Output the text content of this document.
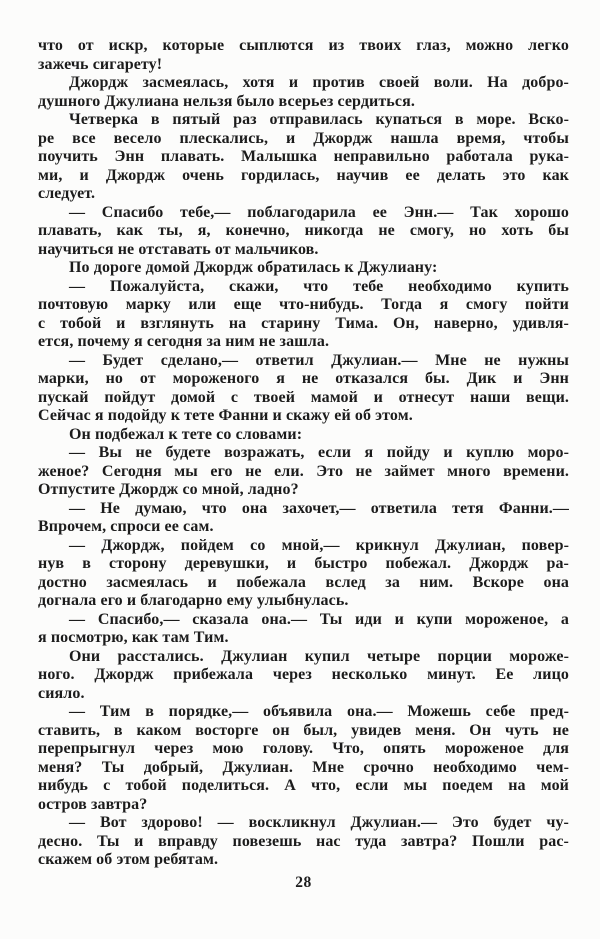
что от искр, которые сыплются из твоих глаз, можно легко
зажечь сигарету!
Джордж засмеялась, хотя и против своей воли. На добро-
душного Джулиана нельзя было всерьез сердиться.
Четверка в пятый раз отправилась купаться в море. Вско-
ре все весело плескались, и Джордж нашла время, чтобы
поучить Энн плавать. Малышка неправильно работала рука-
ми, и Джордж очень гордилась, научив ее делать это как
следует.
— Спасибо тебе,— поблагодарила ее Энн.— Так хорошо
плавать, как ты, я, конечно, никогда не смогу, но хоть бы
научиться не отставать от мальчиков.
По дороге домой Джордж обратилась к Джулиану:
— Пожалуйста, скажи, что тебе необходимо купить
почтовую марку или еще что-нибудь. Тогда я смогу пойти
с тобой и взглянуть на старину Тима. Он, наверно, удивля-
ется, почему я сегодня за ним не зашла.
— Будет сделано,— ответил Джулиан.— Мне не нужны
марки, но от мороженого я не отказался бы. Дик и Энн
пускай пойдут домой с твоей мамой и отнесут наши вещи.
Сейчас я подойду к тете Фанни и скажу ей об этом.
Он подбежал к тете со словами:
— Вы не будете возражать, если я пойду и куплю моро-
женое? Сегодня мы его не ели. Это не займет много времени.
Отпустите Джордж со мной, ладно?
— Не думаю, что она захочет,— ответила тетя Фанни.—
Впрочем, спроси ее сам.
— Джордж, пойдем со мной,— крикнул Джулиан, повер-
нув в сторону деревушки, и быстро побежал. Джордж ра-
достно засмеялась и побежала вслед за ним. Вскоре она
догнала его и благодарно ему улыбнулась.
— Спасибо,— сказала она.— Ты иди и купи мороженое, а
я посмотрю, как там Тим.
Они расстались. Джулиан купил четыре порции мороже-
ного. Джордж прибежала через несколько минут. Ее лицо
сияло.
— Тим в порядке,— объявила она.— Можешь себе пред-
ставить, в каком восторге он был, увидев меня. Он чуть не
перепрыгнул через мою голову. Что, опять мороженое для
меня? Ты добрый, Джулиан. Мне срочно необходимо чем-
нибудь с тобой поделиться. А что, если мы поедем на мой
остров завтра?
— Вот здорово! — воскликнул Джулиан.— Это будет чу-
десно. Ты и вправду повезешь нас туда завтра? Пошли рас-
скажем об этом ребятам.
28
